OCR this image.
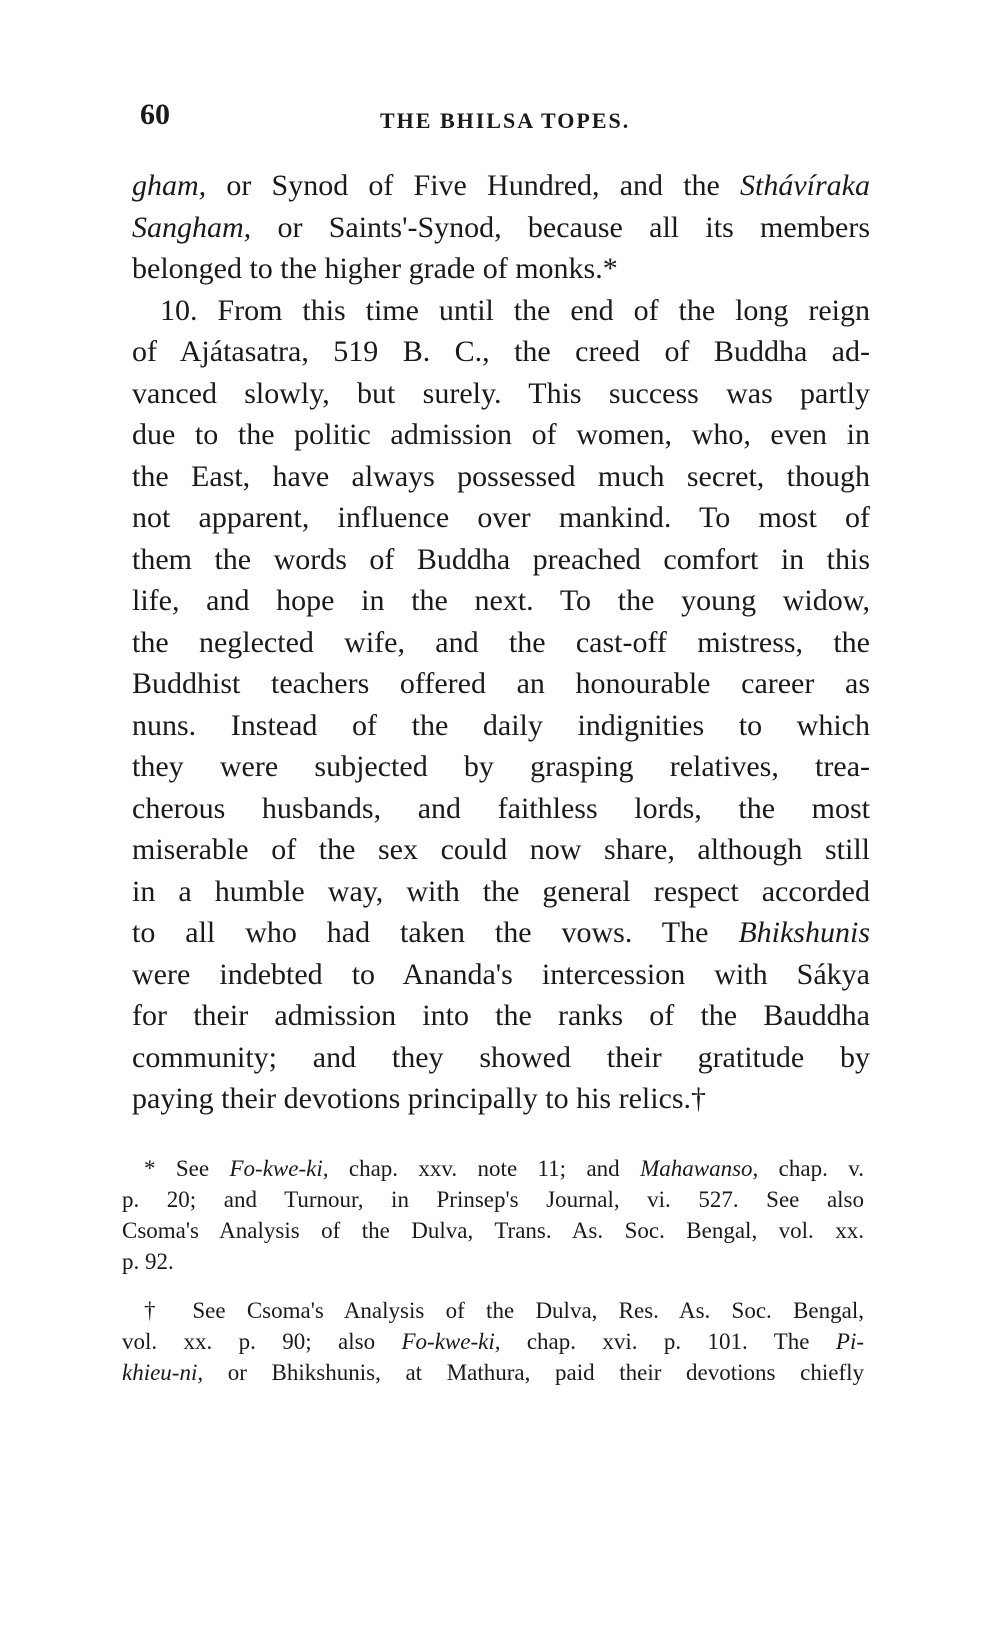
60	THE BHILSA TOPES.
gham, or Synod of Five Hundred, and the Sthávíraka
Sangham, or Saints'-Synod, because all its members
belonged to the higher grade of monks.*
10. From this time until the end of the long reign
of Ajátasatra, 519 B. C., the creed of Buddha ad-
vanced slowly, but surely. This success was partly
due to the politic admission of women, who, even in
the East, have always possessed much secret, though
not apparent, influence over mankind. To most of
them the words of Buddha preached comfort in this
life, and hope in the next. To the young widow,
the neglected wife, and the cast-off mistress, the
Buddhist teachers offered an honourable career as
nuns. Instead of the daily indignities to which
they were subjected by grasping relatives, trea-
cherous husbands, and faithless lords, the most
miserable of the sex could now share, although still
in a humble way, with the general respect accorded
to all who had taken the vows. The Bhikshunis
were indebted to Ananda's intercession with Sákya
for their admission into the ranks of the Bauddha
community; and they showed their gratitude by
paying their devotions principally to his relics.†
* See Fo-kwe-ki, chap. xxv. note 11; and Mahawanso, chap. v.
p. 20; and Turnour, in Prinsep's Journal, vi. 527. See also
Csoma's Analysis of the Dulva, Trans. As. Soc. Bengal, vol. xx.
p. 92.
† See Csoma's Analysis of the Dulva, Res. As. Soc. Bengal,
vol. xx. p. 90; also Fo-kwe-ki, chap. xvi. p. 101. The Pi-
khieu-ni, or Bhikshunis, at Mathura, paid their devotions chiefly
